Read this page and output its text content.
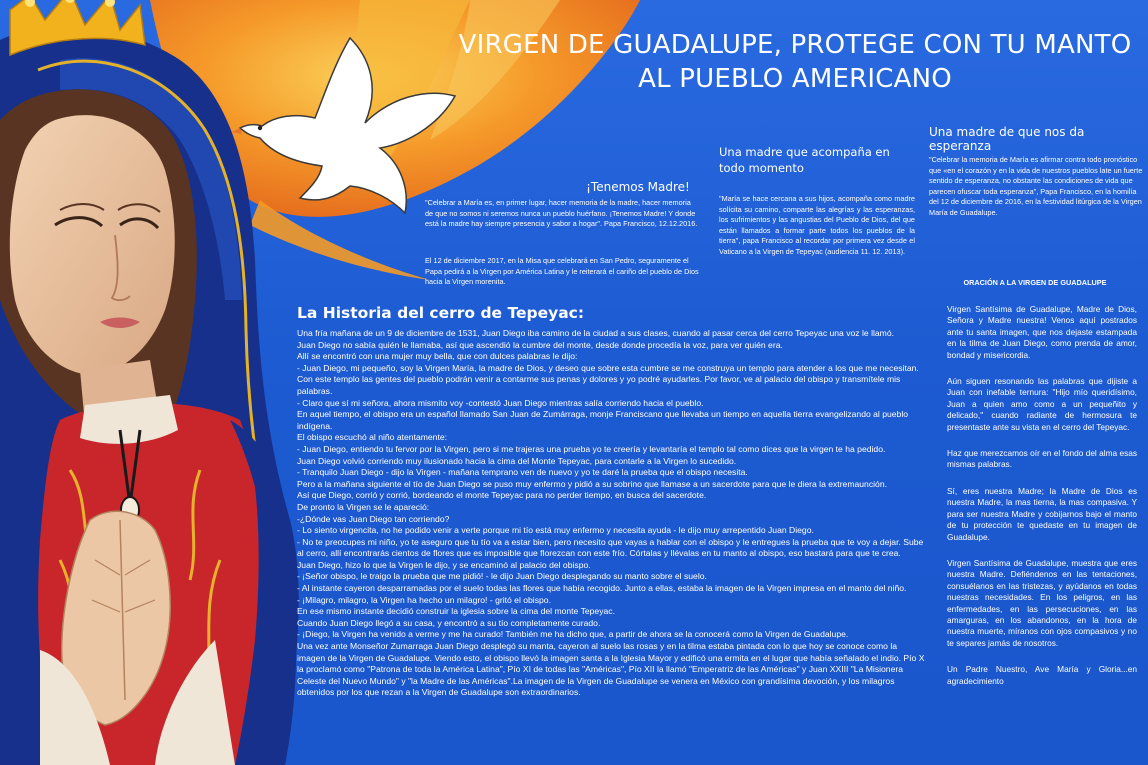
VIRGEN DE GUADALUPE, PROTEGE CON TU MANTO
AL PUEBLO AMERICANO
¡Tenemos Madre!
"Celebrar a María es, en primer lugar, hacer memoria de la madre, hacer memoria de que no somos ni seremos nunca un pueblo huérfano. ¡Tenemos Madre! Y donde está la madre hay siempre presencia y sabor a hogar". Papa Francisco, 12.12.2016.
El 12 de diciembre 2017, en la Misa que celebrará en San Pedro, seguramente el Papa pedirá a la Virgen por América Latina y le reiterará el cariño del pueblo de Dios hacia la Virgen morenita.
Una madre que acompaña en todo momento
"María se hace cercana a sus hijos, acompaña como madre solícita su camino, comparte las alegrías y las esperanzas, los sufrimientos y las angustias del Pueblo de Dios, del que están llamados a formar parte todos los pueblos de la tierra", papa Francisco al recordar por primera vez desde el Vaticano a la Virgen de Tepeyac (audiencia 11. 12. 2013).
Una madre de que nos da esperanza
"Celebrar la memoria de María es afirmar contra todo pronóstico que «en el corazón y en la vida de nuestros pueblos late un fuerte sentido de esperanza, no obstante las condiciones de vida que parecen ofuscar toda esperanza", Papa Francisco, en la homilía del 12 de diciembre de 2016, en la festividad litúrgica de la Virgen María de Guadalupe.
La Historia del cerro de Tepeyac:

Una fría mañana de un 9 de diciembre de 1531, Juan Diego iba camino de la ciudad a sus clases, cuando al pasar cerca del cerro Tepeyac una voz le llamó.

Juan Diego no sabía quién le llamaba, así que ascendió la cumbre del monte, desde donde procedía la voz, para ver quién era.

Allí se encontró con una mujer muy bella, que con dulces palabras le dijo:

- Juan Diego, mi pequeño, soy la Virgen María, la madre de Dios, y deseo que sobre esta cumbre se me construya un templo para atender a los que me necesitan. Con este templo las gentes del pueblo podrán venir a contarme sus penas y dolores y yo podré ayudarles. Por favor, ve al palacio del obispo y transmítele mis palabras.

- Claro que sí mi señora, ahora mismito voy -contestó Juan Diego mientras salía corriendo hacia el pueblo.

En aquel tiempo, el obispo era un español llamado San Juan de Zumárraga, monje Franciscano que llevaba un tiempo en aquella tierra evangelizando al pueblo indígena.

El obispo escuchó al niño atentamente:

- Juan Diego, entiendo tu fervor por la Virgen, pero si me trajeras una prueba yo te creería y levantaría el templo tal como dices que la virgen te ha pedido.

Juan Diego volvió corriendo muy ilusionado hacia la cima del Monte Tepeyac, para contarle a la Virgen lo sucedido.

- Tranquilo Juan Diego - dijo la Virgen - mañana temprano ven de nuevo y yo te daré la prueba que el obispo necesita.

Pero a la mañana siguiente el tío de Juan Diego se puso muy enfermo y pidió a su sobrino que llamase a un sacerdote para que le diera la extremaunción.

Así que Diego, corrió y corrió, bordeando el monte Tepeyac para no perder tiempo, en busca del sacerdote.

De pronto la Virgen se le apareció:

-¿Dónde vas Juan Diego tan corriendo?

- Lo siento virgencita, no he podido venir a verte porque mi tío está muy enfermo y necesita ayuda - le dijo muy arrepentido Juan Diego.

- No te preocupes mi niño, yo te aseguro que tu tío va a estar bien, pero necesito que vayas a hablar con el obispo y le entregues la prueba que te voy a dejar. Sube al cerro, allí encontrarás cientos de flores que es imposible que florezcan con este frío. Córtalas y llévalas en tu manto al obispo, eso bastará para que te crea.

Juan Diego, hizo lo que la Virgen le dijo, y se encaminó al palacio del obispo.

- ¡Señor obispo, le traigo la prueba que me pidió! - le dijo Juan Diego desplegando su manto sobre el suelo.

- Al instante cayeron desparramadas por el suelo todas las flores que había recogido. Junto a ellas, estaba la imagen de la Virgen impresa en el manto del niño.

- ¡Milagro, milagro, la Virgen ha hecho un milagro! - gritó el obispo.

En ese mismo instante decidió construir la iglesia sobre la cima del monte Tepeyac.

Cuando Juan Diego llegó a su casa, y encontró a su tío completamente curado.

- ¡Diego, la Virgen ha venido a verme y me ha curado! También me ha dicho que, a partir de ahora se la conocerá como la Virgen de Guadalupe.

Una vez ante Monseñor Zumarraga Juan Diego desplegó su manta, cayeron al suelo las rosas y en la tilma estaba pintada con lo que hoy se conoce como la imagen de la Virgen de Guadalupe. Viendo esto, el obispo llevó la imagen santa a la Iglesia Mayor y edificó una ermita en el lugar que había señalado el indio. Pío X la proclamó como "Patrona de toda la América Latina", Pío XI de todas las "Américas", Pío XII la llamó "Emperatriz de las Américas" y Juan XXIII "La Misionera Celeste del Nuevo Mundo" y "la Madre de las Américas".La imagen de la Virgen de Guadalupe se venera en México con grandísima devoción, y los milagros obtenidos por los que rezan a la Virgen de Guadalupe son extraordinarios.

ORACIÓN A LA VIRGEN DE GUADALUPE

Virgen Santísima de Guadalupe, Madre de Dios, Señora y Madre nuestra! Venos aquí postrados ante tu santa imagen, que nos dejaste estampada en la tilma de Juan Diego, como prenda de amor, bondad y misericordia.

Aún siguen resonando las palabras que dijiste a Juan con inefable ternura: "Hijo mío queridísimo, Juan a quien amo como a un pequeñito y delicado," cuando radiante de hermosura te presentaste ante su vista en el cerro del Tepeyac.

Haz que merezcamos oír en el fondo del alma esas mismas palabras.

Sí, eres nuestra Madre; la Madre de Dios es nuestra Madre, la mas tierna, la mas compasiva. Y para ser nuestra Madre y cobijarnos bajo el manto de tu protección te quedaste en tu imagen de Guadalupe.

Virgen Santísima de Guadalupe, muestra que eres nuestra Madre. Defiéndenos en las tentaciones, consuélanos en las tristezas, y ayúdanos en todas nuestras necesidades. En los peligros, en las enfermedades, en las persecuciones, en las amarguras, en los abandonos, en la hora de nuestra muerte, míranos con ojos compasivos y no te separes jamás de nosotros.

Un Padre Nuestro, Ave María y Gloria...en agradecimiento
